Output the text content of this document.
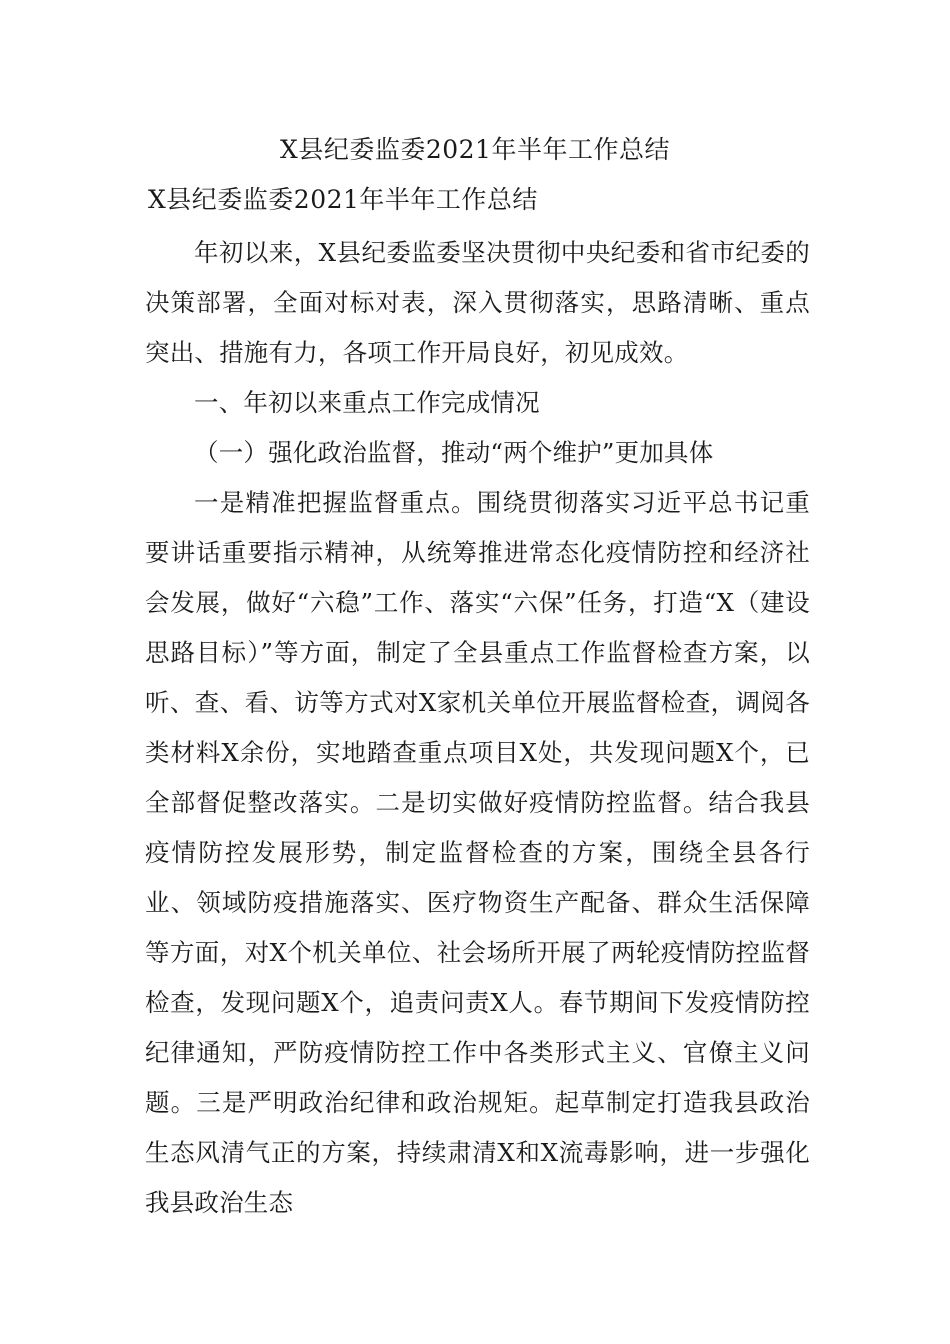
X县纪委监委2021年半年工作总结
X县纪委监委2021年半年工作总结

年初以来，X县纪委监委坚决贯彻中央纪委和省市纪委的决策部署，全面对标对表，深入贯彻落实，思路清晰、重点突出、措施有力，各项工作开局良好，初见成效。

一、年初以来重点工作完成情况

（一）强化政治监督，推动“两个维护”更加具体

一是精准把握监督重点。围绕贯彻落实习近平总书记重要讲话重要指示精神，从统筹推进常态化疫情防控和经济社会发展，做好“六稳”工作、落实“六保”任务，打造“X（建设思路目标）”等方面，制定了全县重点工作监督检查方案，以听、查、看、访等方式对X家机关单位开展监督检查，调阅各类材料X余份，实地踏查重点项目X处，共发现问题X个，已全部督促整改落实。二是切实做好疫情防控监督。结合我县疫情防控发展形势，制定监督检查的方案，围绕全县各行业、领域防疫措施落实、医疗物资生产配备、群众生活保障等方面，对X个机关单位、社会场所开展了两轮疫情防控监督检查，发现问题X个，追责问责X人。春节期间下发疫情防控纪律通知，严防疫情防控工作中各类形式主义、官僚主义问题。三是严明政治纪律和政治规矩。起草制定打造我县政治生态风清气正的方案，持续肃清X和X流毒影响，进一步强化我县政治生态
